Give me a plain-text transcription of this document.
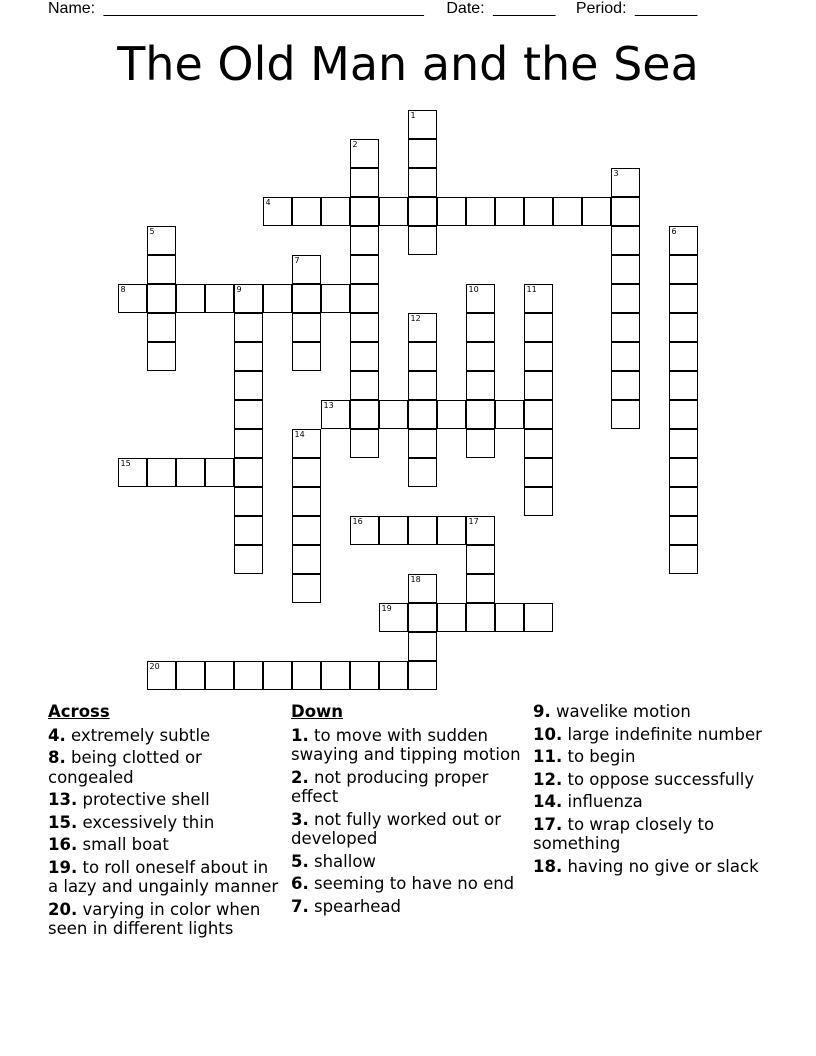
Name: ____________________________________ Date: _______ Period: _______
The Old Man and the Sea
1
2
3
4
5	6
7
8	9	10	11
12
13
14
15
16	17
18
19
20
Across
4. extremely subtle
8. being clotted or congealed
13. protective shell
15. excessively thin
16. small boat
19. to roll oneself about in a lazy and ungainly manner
20. varying in color when seen in different lights
Down
1. to move with sudden swaying and tipping motion
2. not producing proper effect
3. not fully worked out or developed
5. shallow
6. seeming to have no end
7. spearhead
9. wavelike motion
10. large indefinite number
11. to begin
12. to oppose successfully
14. influenza
17. to wrap closely to something
18. having no give or slack
